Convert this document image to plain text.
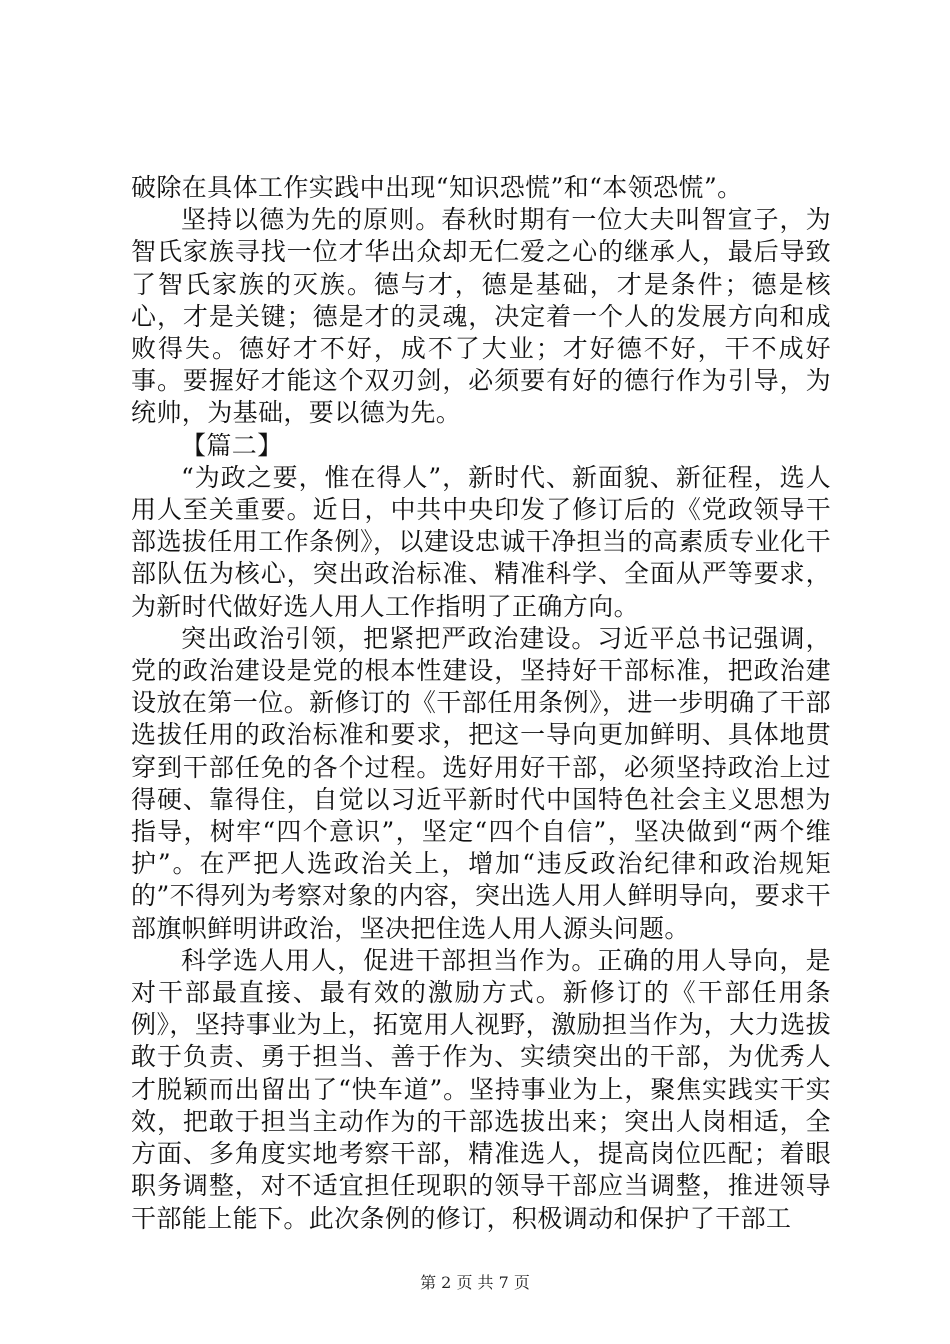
破除在具体工作实践中出现“知识恐慌”和“本领恐慌”。

坚持以德为先的原则。春秋时期有一位大夫叫智宣子，为智氏家族寻找一位才华出众却无仁爱之心的继承人，最后导致了智氏家族的灭族。德与才，德是基础，才是条件；德是核心，才是关键；德是才的灵魂，决定着一个人的发展方向和成败得失。德好才不好，成不了大业；才好德不好，干不成好事。要握好才能这个双刃剑，必须要有好的德行作为引导，为统帅，为基础，要以德为先。

【篇二】

“为政之要，惟在得人”，新时代、新面貌、新征程，选人用人至关重要。近日，中共中央印发了修订后的《党政领导干部选拔任用工作条例》，以建设忠诚干净担当的高素质专业化干部队伍为核心，突出政治标准、精准科学、全面从严等要求，为新时代做好选人用人工作指明了正确方向。

突出政治引领，把紧把严政治建设。习近平总书记强调，党的政治建设是党的根本性建设，坚持好干部标准，把政治建设放在第一位。新修订的《干部任用条例》，进一步明确了干部选拔任用的政治标准和要求，把这一导向更加鲜明、具体地贯穿到干部任免的各个过程。选好用好干部，必须坚持政治上过得硬、靠得住，自觉以习近平新时代中国特色社会主义思想为指导，树牢“四个意识”，坚定“四个自信”，坚决做到“两个维护”。在严把人选政治关上，增加“违反政治纪律和政治规矩的”不得列为考察对象的内容，突出选人用人鲜明导向，要求干部旗帜鲜明讲政治，坚决把住选人用人源头问题。

科学选人用人，促进干部担当作为。正确的用人导向，是对干部最直接、最有效的激励方式。新修订的《干部任用条例》，坚持事业为上，拓宽用人视野，激励担当作为，大力选拔敢于负责、勇于担当、善于作为、实绩突出的干部，为优秀人才脱颖而出留出了“快车道”。坚持事业为上，聚焦实践实干实效，把敢于担当主动作为的干部选拔出来；突出人岗相适，全方面、多角度实地考察干部，精准选人，提高岗位匹配；着眼职务调整，对不适宜担任现职的领导干部应当调整，推进领导干部能上能下。此次条例的修订，积极调动和保护了干部工

第 2 页 共 7 页
